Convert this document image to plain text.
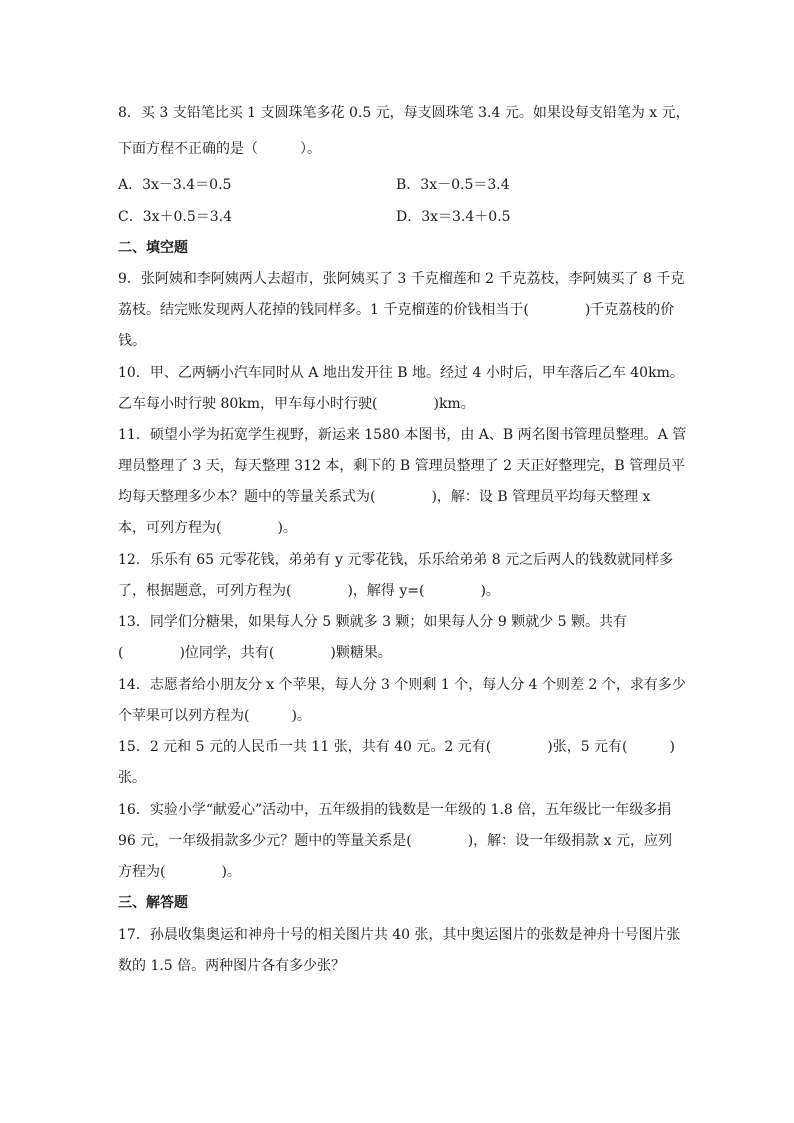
8．买 3 支铅笔比买 1 支圆珠笔多花 0.5 元，每支圆珠笔 3.4 元。如果设每支铅笔为 x 元，
下面方程不正确的是（　　　）。
A．3x－3.4＝0.5	B．3x－0.5＝3.4
C．3x＋0.5＝3.4	D．3x＝3.4＋0.5
二、填空题
9．张阿姨和李阿姨两人去超市，张阿姨买了 3 千克榴莲和 2 千克荔枝，李阿姨买了 8 千克
荔枝。结完账发现两人花掉的钱同样多。1 千克榴莲的价钱相当于(　　　　)千克荔枝的价
钱。
10．甲、乙两辆小汽车同时从 A 地出发开往 B 地。经过 4 小时后，甲车落后乙车 40km。
乙车每小时行驶 80km，甲车每小时行驶(　　　　)km。
11．硕望小学为拓宽学生视野，新运来 1580 本图书，由 A、B 两名图书管理员整理。A 管
理员整理了 3 天，每天整理 312 本，剩下的 B 管理员整理了 2 天正好整理完，B 管理员平
均每天整理多少本？题中的等量关系式为(　　　　)，解：设 B 管理员平均每天整理 x
本，可列方程为(　　　　)。
12．乐乐有 65 元零花钱，弟弟有 y 元零花钱，乐乐给弟弟 8 元之后两人的钱数就同样多
了，根据题意，可列方程为(　　　　)，解得 y=(　　　　)。
13．同学们分糖果，如果每人分 5 颗就多 3 颗；如果每人分 9 颗就少 5 颗。共有
(　　　　)位同学，共有(　　　　)颗糖果。
14．志愿者给小朋友分 x 个苹果，每人分 3 个则剩 1 个，每人分 4 个则差 2 个，求有多少
个苹果可以列方程为(　　　)。
15．2 元和 5 元的人民币一共 11 张，共有 40 元。2 元有(　　　　)张，5 元有(　　　)
张。
16．实验小学“献爱心”活动中，五年级捐的钱数是一年级的 1.8 倍，五年级比一年级多捐
96 元，一年级捐款多少元？题中的等量关系是(　　　　)，解：设一年级捐款 x 元，应列
方程为(　　　　)。
三、解答题
17．孙晨收集奥运和神舟十号的相关图片共 40 张，其中奥运图片的张数是神舟十号图片张
数的 1.5 倍。两种图片各有多少张？
